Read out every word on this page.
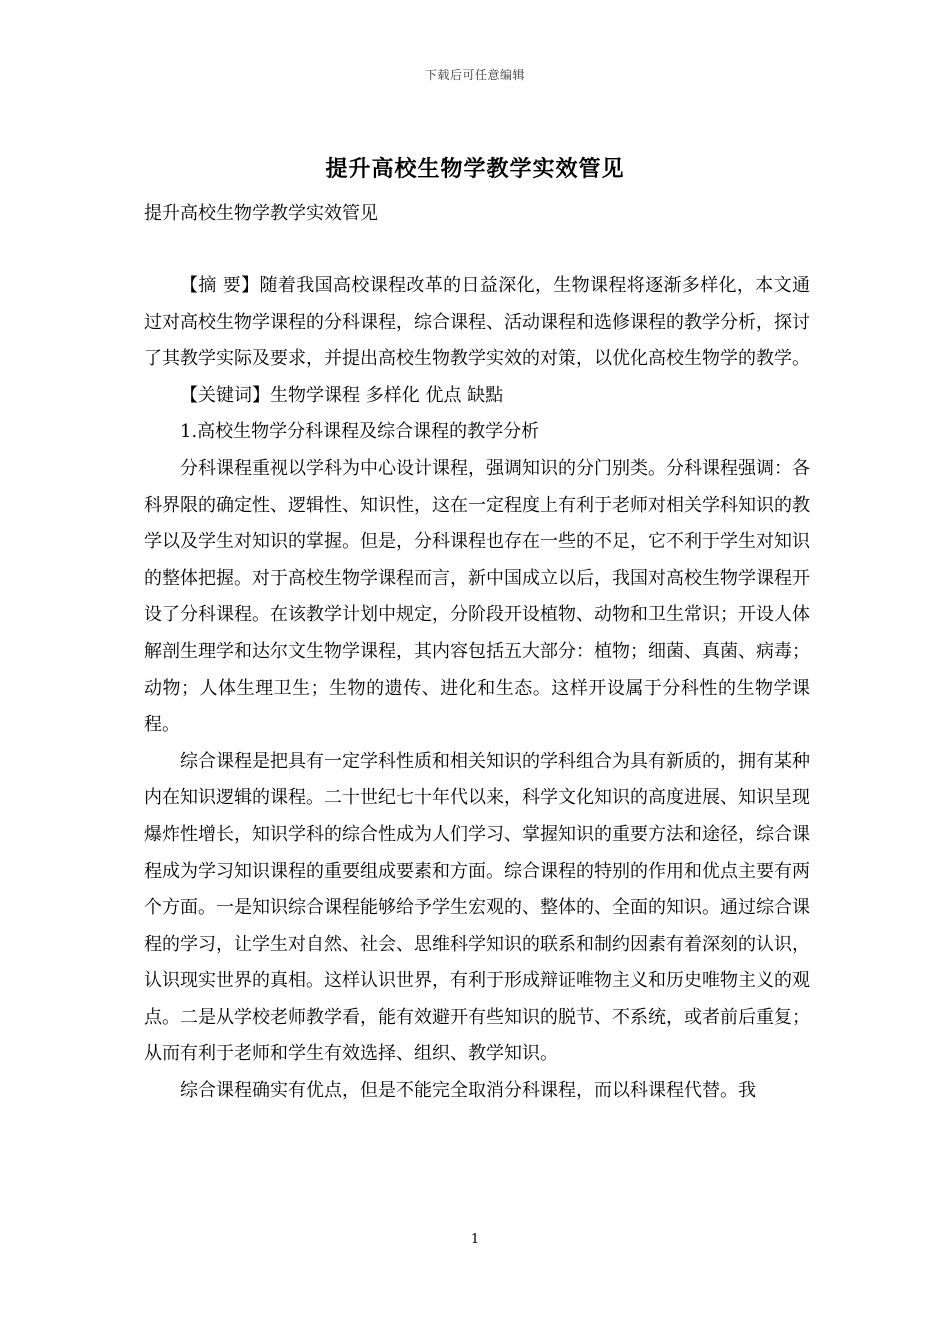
下载后可任意编辑
提升高校生物学教学实效管见

提升高校生物学教学实效管见

【摘 要】随着我国高校课程改革的日益深化，生物课程将逐渐多样化，本文通过对高校生物学课程的分科课程，综合课程、活动课程和选修课程的教学分析，探讨了其教学实际及要求，并提出高校生物教学实效的对策，以优化高校生物学的教学。

【关键词】生物学课程 多样化 优点 缺點

1.高校生物学分科课程及综合课程的教学分析

分科课程重视以学科为中心设计课程，强调知识的分门别类。分科课程强调：各科界限的确定性、逻辑性、知识性，这在一定程度上有利于老师对相关学科知识的教学以及学生对知识的掌握。但是，分科课程也存在一些的不足，它不利于学生对知识的整体把握。对于高校生物学课程而言，新中国成立以后，我国对高校生物学课程开设了分科课程。在该教学计划中规定，分阶段开设植物、动物和卫生常识；开设人体解剖生理学和达尔文生物学课程，其内容包括五大部分：植物；细菌、真菌、病毒；动物；人体生理卫生；生物的遗传、进化和生态。这样开设属于分科性的生物学课程。

综合课程是把具有一定学科性质和相关知识的学科组合为具有新质的，拥有某种内在知识逻辑的课程。二十世纪七十年代以来，科学文化知识的高度进展、知识呈现爆炸性增长，知识学科的综合性成为人们学习、掌握知识的重要方法和途径，综合课程成为学习知识课程的重要组成要素和方面。综合课程的特别的作用和优点主要有两个方面。一是知识综合课程能够给予学生宏观的、整体的、全面的知识。通过综合课程的学习，让学生对自然、社会、思维科学知识的联系和制约因素有着深刻的认识，认识现实世界的真相。这样认识世界，有利于形成辩证唯物主义和历史唯物主义的观点。二是从学校老师教学看，能有效避开有些知识的脱节、不系统，或者前后重复；从而有利于老师和学生有效选择、组织、教学知识。

综合课程确实有优点，但是不能完全取消分科课程，而以科课程代替。我

1
